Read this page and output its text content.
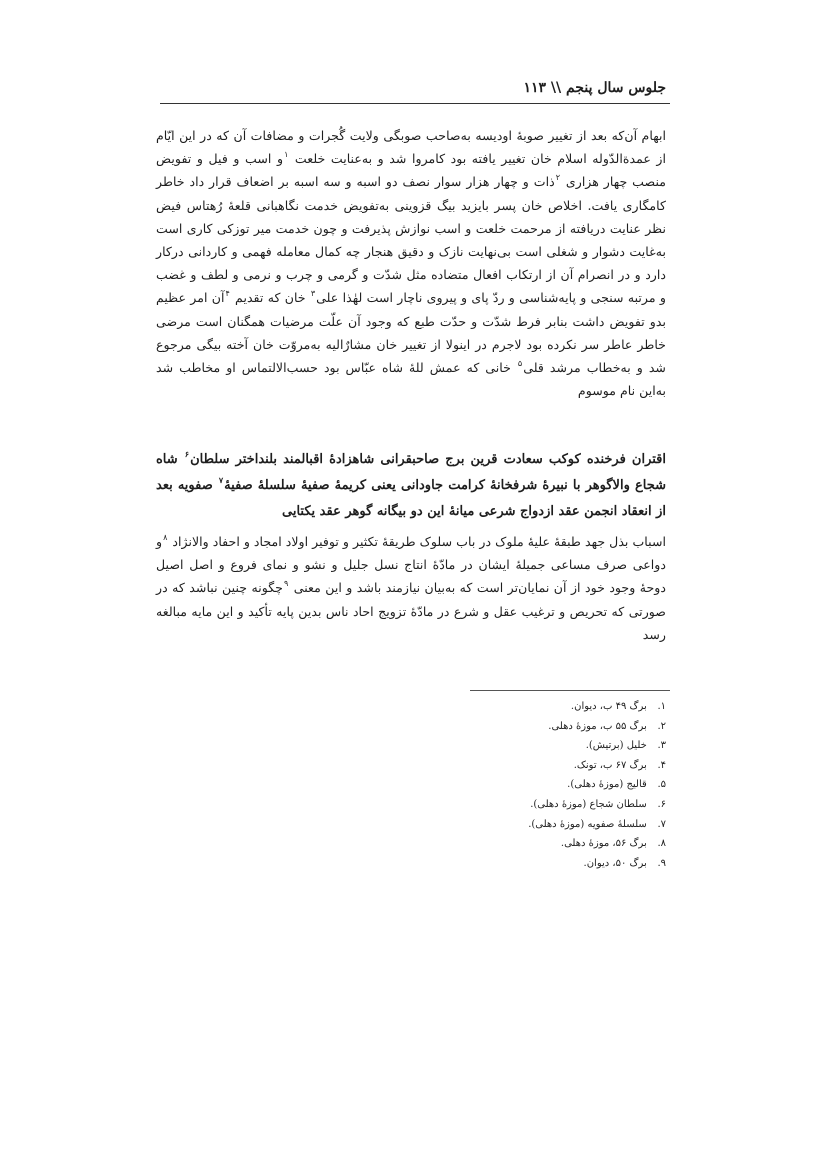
جلوس سال پنجم \\ ۱۱۳
ابهام آن‌که بعد از تغییر صوبهٔ اودیسه به‌صاحب صوبگی ولایت گُجرات و مضافات آن که در این ایّام از عمدةالدّوله اسلام خان تغییر یافته بود کامروا شد و به‌عنایت خلعت $^۱$و اسب و فیل و تفویض منصب چهار هزاری $^۲$ذات و چهار هزار سوار نصف دو اسبه و سه اسبه بر اضعاف قرار داد خاطر کامگاری یافت. اخلاص خان پسر بایزید بیگ قزوینی به‌تفویض خدمت نگاهبانی قلعهٔ رُهتاس فیض نظر عنایت دریافته از مرحمت خلعت و اسب نوازش پذیرفت و چون خدمت میر توزکی کاری است به‌غایت دشوار و شغلی است بی‌نهایت نازک و دقیق هنجار چه کمال معامله فهمی و کاردانی درکار دارد و در انصرام آن از ارتکاب افعال متضاده مثل شدّت و گرمی و چرب و نرمی و لطف و غضب و مرتبه سنجی و پایه‌شناسی و ردّ پای و پیروی ناچار است لهٰذا علی$^۳$ خان که تقدیم $^۴$آن امر عظیم بدو تفویض داشت بنابر فرط شدّت و حدّت طبع که وجود آن علّت مرضیات همگنان است مرضی خاطر عاطر سر نکرده بود لاجرم در اینولا از تغییر خان مشارٌالیه به‌مروّت خان آخته بیگی مرجوع شد و به‌خطاب مرشد قلی$^۵$ خانی که عمش للهٔ شاه عبّاس بود حسب‌الالتماس او مخاطب شد به‌این نام موسوم
اقتران فرخنده کوکب سعادت قرین برج صاحبقرانی شاهزادهٔ اقبالمند بلنداختر سلطان$^۶$ شاه شجاع والاگوهر با نبیرهٔ شرفخانهٔ کرامت جاودانی یعنی کریمهٔ صفیهٔ سلسلهٔ صفیهٔ$^۷$ صفویه بعد از انعقاد انجمن عقد ازدواج شرعی میانهٔ این دو بیگانه گوهر عقد یکتایی
اسباب بذل جهد طبقهٔ علیهٔ ملوک در باب سلوک طریقهٔ تکثیر و توفیر اولاد امجاد و احفاد والانژاد $^۸$و دواعی صرف مساعی جمیلهٔ ایشان در مادّهٔ انتاج نسل جلیل و نشو و نمای فروع و اصل اصیل دوحهٔ وجود خود از آن نمایان‌تر است که به‌بیان نیازمند باشد و این معنی $^۹$چگونه چنین نباشد که در صورتی که تحریص و ترغیب عقل و شرع در مادّهٔ تزویج احاد ناس بدین پایه تأکید و این مایه مبالغه رسد
۱. برگ ۴۹ ب، دیوان.
۲. برگ ۵۵ ب، موزهٔ دهلی.
۳. خلیل (برتیش).
۴. برگ ۶۷ ب، تونک.
۵. قالیج (موزهٔ دهلی).
۶. سلطان شجاع (موزهٔ دهلی).
۷. سلسلهٔ صفویه (موزهٔ دهلی).
۸. برگ ۵۶، موزهٔ دهلی.
۹. برگ ۵۰، دیوان.
